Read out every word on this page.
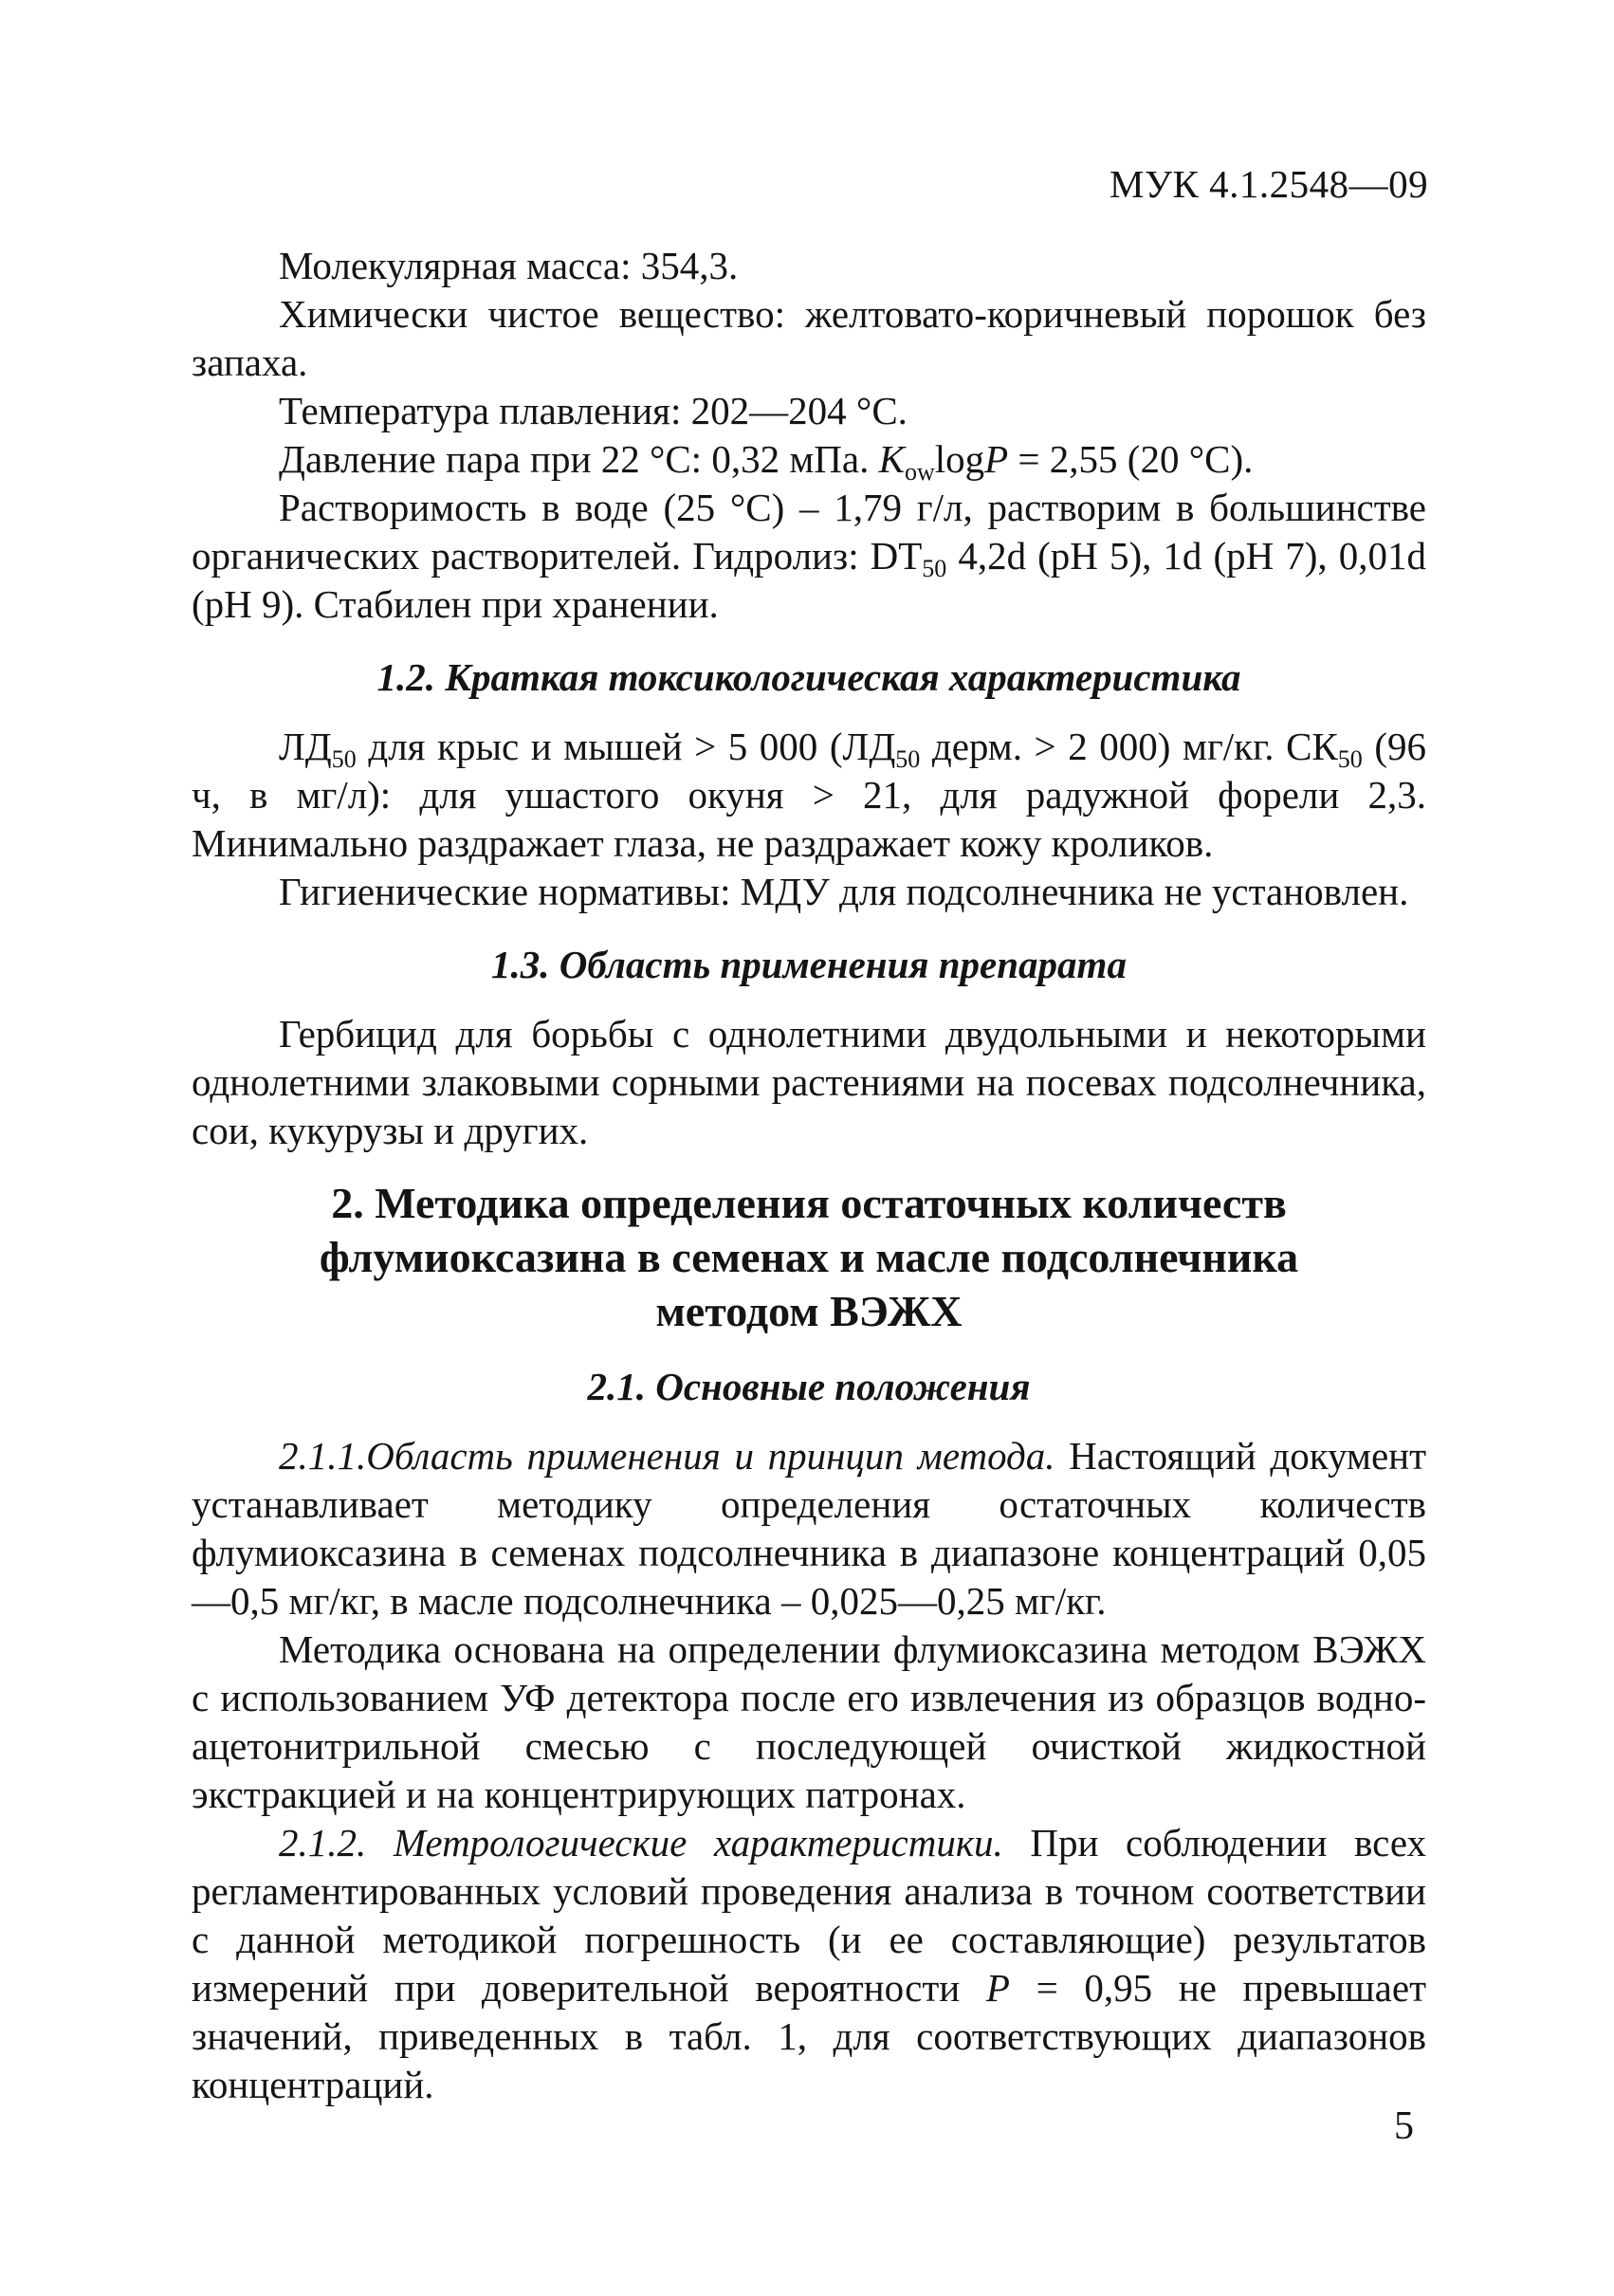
МУК 4.1.2548—09

Молекулярная масса: 354,3.

Химически чистое вещество: желтовато-коричневый порошок без запаха.

Температура плавления: 202—204 °C.

Давление пара при 22 °C: 0,32 мПа. $K_{ow}\log P = 2,55$ (20 °C).

Растворимость в воде (25 °C) – 1,79 г/л, растворим в большинстве органических растворителей. Гидролиз: $DT_{50}$ 4,2d (pH 5), 1d (pH 7), 0,01d (pH 9). Стабилен при хранении.

1.2. Краткая токсикологическая характеристика

$ЛД_{50}$ для крыс и мышей > 5 000 ($ЛД_{50}$ дерм. > 2 000) мг/кг. $СК_{50}$ (96 ч, в мг/л): для ушастого окуня > 21, для радужной форели 2,3. Минимально раздражает глаза, не раздражает кожу кроликов.

Гигиенические нормативы: МДУ для подсолнечника не установлен.

1.3. Область применения препарата

Гербицид для борьбы с однолетними двудольными и некоторыми однолетними злаковыми сорными растениями на посевах подсолнечника, сои, кукурузы и других.

2. Методика определения остаточных количеств
флумиоксазина в семенах и масле подсолнечника
методом ВЭЖХ
2.1. Основные положения

2.1.1.Область применения и принцип метода. Настоящий документ устанавливает методику определения остаточных количеств флумиоксазина в семенах подсолнечника в диапазоне концентраций 0,05—0,5 мг/кг, в масле подсолнечника – 0,025—0,25 мг/кг.

Методика основана на определении флумиоксазина методом ВЭЖХ с использованием УФ детектора после его извлечения из образцов водно-ацетонитрильной смесью с последующей очисткой жидкостной экстракцией и на концентрирующих патронах.

2.1.2. Метрологические характеристики. При соблюдении всех регламентированных условий проведения анализа в точном соответствии с данной методикой погрешность (и ее составляющие) результатов измерений при доверительной вероятности P = 0,95 не превышает значений, приведенных в табл. 1, для соответствующих диапазонов концентраций.

5
